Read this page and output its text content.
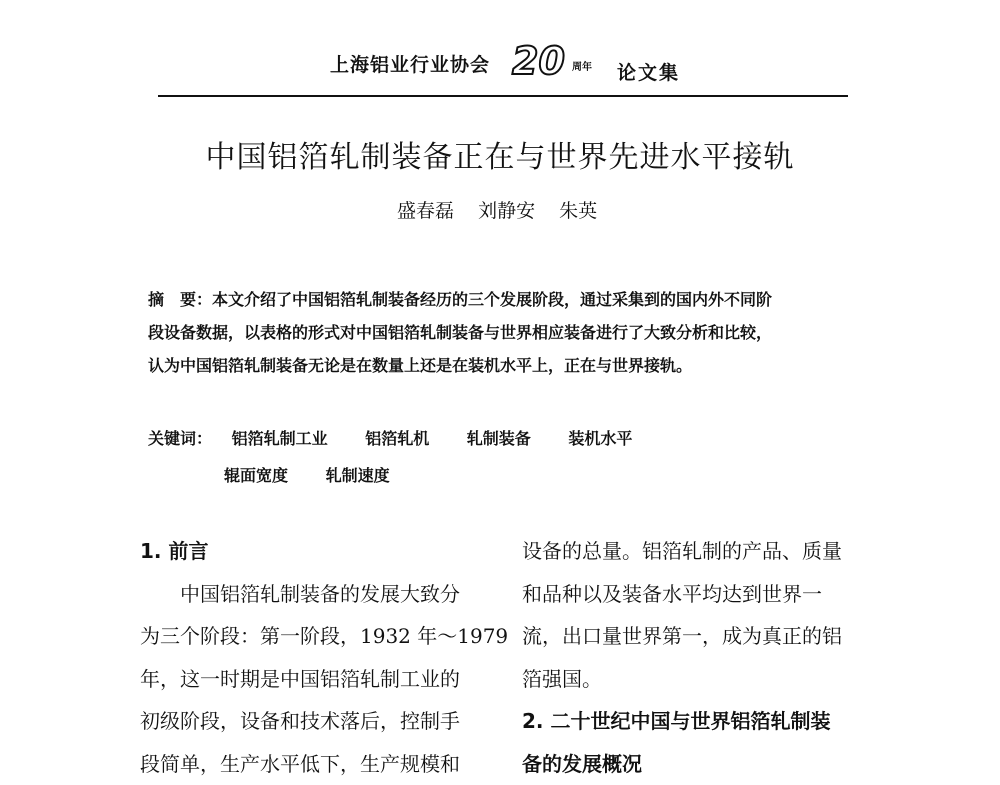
上海铝业行业协会 20 周年 论文集
中国铝箔轧制装备正在与世界先进水平接轨
盛春磊 刘静安 朱英
摘　要：本文介绍了中国铝箔轧制装备经历的三个发展阶段，通过采集到的国内外不同阶
段设备数据，以表格的形式对中国铝箔轧制装备与世界相应装备进行了大致分析和比较，
认为中国铝箔轧制装备无论是在数量上还是在装机水平上，正在与世界接轨。
关键词： 铝箔轧制工业 铝箔轧机 轧制装备 装机水平
辊面宽度 轧制速度
1. 前言
　　中国铝箔轧制装备的发展大致分
为三个阶段：第一阶段，1932 年～1979
年，这一时期是中国铝箔轧制工业的
初级阶段，设备和技术落后，控制手
段简单，生产水平低下，生产规模和
设备的总量。铝箔轧制的产品、质量
和品种以及装备水平均达到世界一
流，出口量世界第一，成为真正的铝
箔强国。
2. 二十世纪中国与世界铝箔轧制装
备的发展概况
